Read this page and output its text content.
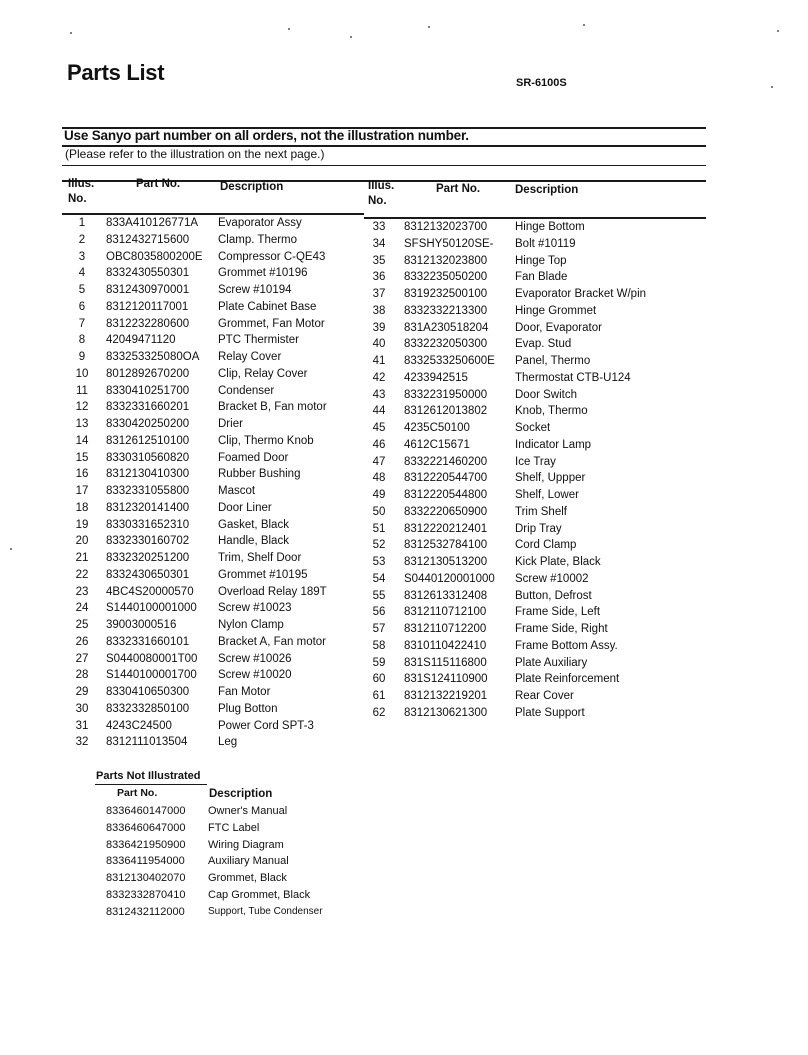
Parts List	SR-6100S
Use Sanyo part number on all orders, not the illustration number.
(Please refer to the illustration on the next page.)
Illus.
No.
Part No.	Description	Illus.
No.
Part No.	Description
1	833A410126771A Evaporator Assy
2	8312432715600	Clamp. Thermo
3	OBC8035800200E Compressor C-QE43
4	8332430550301	Grommet #10196
5	8312430970001	Screw #10194
6	8312120117001	Plate Cabinet Base
7	8312232280600	Grommet, Fan Motor
8	42049471120	PTC Thermister
9	833253325080OA Relay Cover
10	8012892670200	Clip, Relay Cover
11	8330410251700	Condenser
12	8332331660201	Bracket B, Fan motor
13	8330420250200	Drier
14	8312612510100	Clip, Thermo Knob
15	8330310560820	Foamed Door
16	8312130410300	Rubber Bushing
17	8332331055800	Mascot
18	8312320141400	Door Liner
19	8330331652310	Gasket, Black
20	8332330160702	Handle, Black
21	8332320251200	Trim, Shelf Door
22	8332430650301	Grommet #10195
23	4BC4S20000570 Overload Relay 189T
24	S1440100001000 Screw #10023
25	39003000516	Nylon Clamp
26	8332331660101	Bracket A, Fan motor
27	S0440080001T00 Screw #10026
28	S1440100001700 Screw #10020
29	8330410650300	Fan Motor
30	8332332850100	Plug Botton
31	4243C24500	Power Cord SPT-3
32	8312111013504	Leg
33	8312132023700 Hinge Bottom
34	SFSHY50120SE- Bolt #10119
35	8312132023800 Hinge Top
36	8332235050200 Fan Blade
37	8319232500100 Evaporator Bracket W/pin
38	8332332213300 Hinge Grommet
39	831A230518204 Door, Evaporator
40	8332232050300 Evap. Stud
41	8332533250600E Panel, Thermo
42	4233942515	Thermostat CTB-U124
43	8332231950000 Door Switch
44	8312612013802 Knob, Thermo
45	4235C50100	Socket
46	4612C15671	Indicator Lamp
47	8332221460200 Ice Tray
48	8312220544700 Shelf, Uppper
49	8312220544800 Shelf, Lower
50	8332220650900 Trim Shelf
51	8312220212401 Drip Tray
52	8312532784100 Cord Clamp
53	8312130513200 Kick Plate, Black
54	S0440120001000 Screw #10002
55	8312613312408 Button, Defrost
56	8312110712100 Frame Side, Left
57	8312110712200 Frame Side, Right
58	8310110422410 Frame Bottom Assy.
59	831S115116800 Plate Auxiliary
60	831S124110900 Plate Reinforcement
61	8312132219201 Rear Cover
62	8312130621300 Plate Support
Parts Not Illustrated
Part No.	Description
8336460147000 Owner's Manual
8336460647000 FTC Label
8336421950900 Wiring Diagram
8336411954000 Auxiliary Manual
8312130402070 Grommet, Black
8332332870410 Cap Grommet, Black
8312432112000 Support, Tube Condenser
